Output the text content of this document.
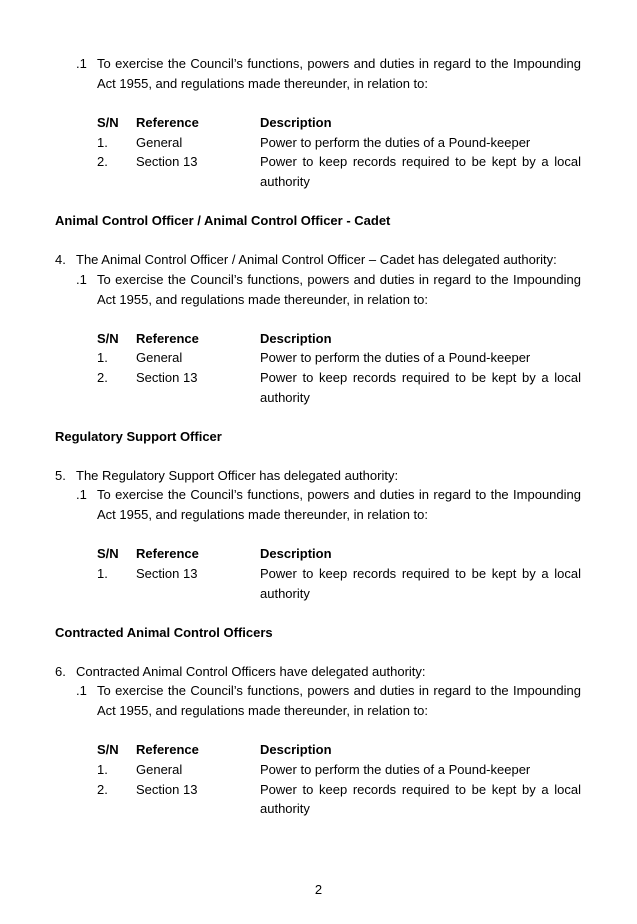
.1 To exercise the Council’s functions, powers and duties in regard to the Impounding
Act 1955, and regulations made thereunder, in relation to:
S/N Reference	Description
1. General	Power to perform the duties of a Pound-keeper
2. Section 13	Power to keep records required to be kept by a local
authority
Animal Control Officer / Animal Control Officer - Cadet
4. The Animal Control Officer / Animal Control Officer – Cadet has delegated authority:
.1 To exercise the Council’s functions, powers and duties in regard to the Impounding
Act 1955, and regulations made thereunder, in relation to:
S/N Reference	Description
1. General	Power to perform the duties of a Pound-keeper
2. Section 13	Power to keep records required to be kept by a local
authority
Regulatory Support Officer
5. The Regulatory Support Officer has delegated authority:
.1 To exercise the Council’s functions, powers and duties in regard to the Impounding
Act 1955, and regulations made thereunder, in relation to:
S/N Reference	Description
1. Section 13	Power to keep records required to be kept by a local
authority
Contracted Animal Control Officers
6. Contracted Animal Control Officers have delegated authority:
.1 To exercise the Council’s functions, powers and duties in regard to the Impounding
Act 1955, and regulations made thereunder, in relation to:
S/N Reference	Description
1. General	Power to perform the duties of a Pound-keeper
2. Section 13	Power to keep records required to be kept by a local
authority
2
